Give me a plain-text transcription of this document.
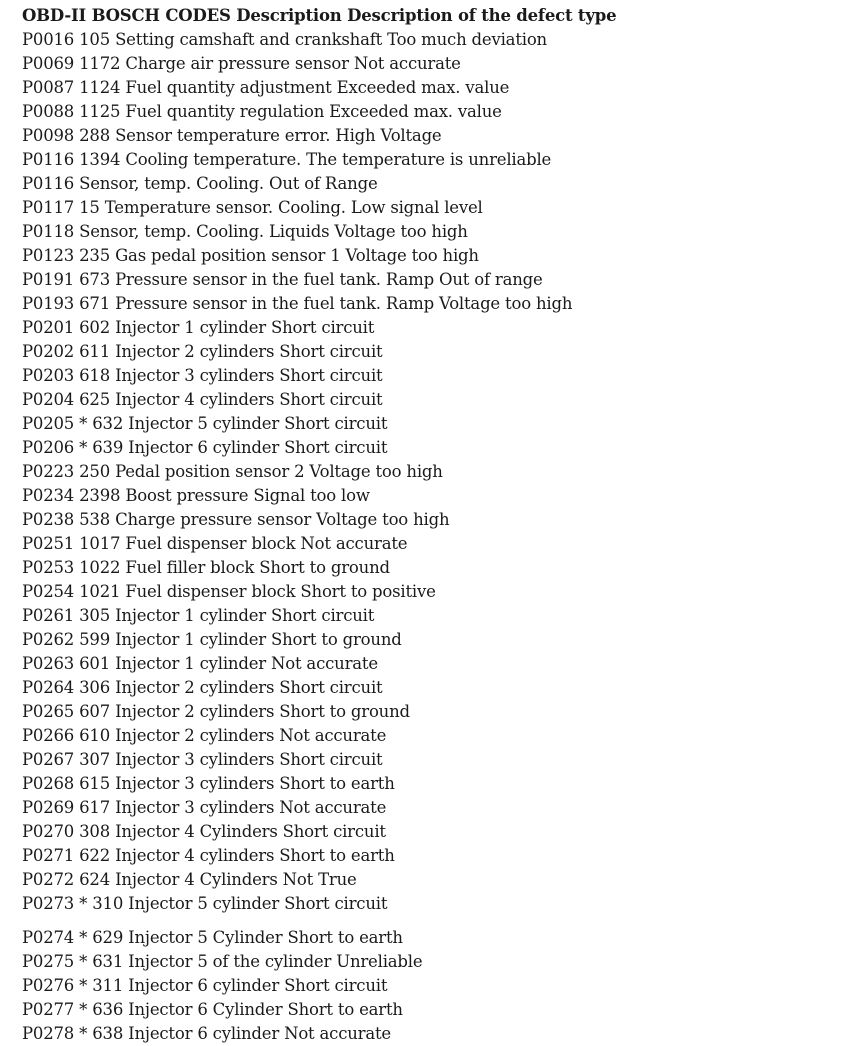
OBD-II BOSCH CODES Description Description of the defect type
P0016 105 Setting camshaft and crankshaft Too much deviation
P0069 1172 Charge air pressure sensor Not accurate
P0087 1124 Fuel quantity adjustment Exceeded max. value
P0088 1125 Fuel quantity regulation Exceeded max. value
P0098 288 Sensor temperature error. High Voltage
P0116 1394 Cooling temperature. The temperature is unreliable
P0116 Sensor, temp. Cooling. Out of Range
P0117 15 Temperature sensor. Cooling. Low signal level
P0118 Sensor, temp. Cooling. Liquids Voltage too high
P0123 235 Gas pedal position sensor 1 Voltage too high
P0191 673 Pressure sensor in the fuel tank. Ramp Out of range
P0193 671 Pressure sensor in the fuel tank. Ramp Voltage too high
P0201 602 Injector 1 cylinder Short circuit
P0202 611 Injector 2 cylinders Short circuit
P0203 618 Injector 3 cylinders Short circuit
P0204 625 Injector 4 cylinders Short circuit
P0205 * 632 Injector 5 cylinder Short circuit
P0206 * 639 Injector 6 cylinder Short circuit
P0223 250 Pedal position sensor 2 Voltage too high
P0234 2398 Boost pressure Signal too low
P0238 538 Charge pressure sensor Voltage too high
P0251 1017 Fuel dispenser block Not accurate
P0253 1022 Fuel filler block Short to ground
P0254 1021 Fuel dispenser block Short to positive
P0261 305 Injector 1 cylinder Short circuit
P0262 599 Injector 1 cylinder Short to ground
P0263 601 Injector 1 cylinder Not accurate
P0264 306 Injector 2 cylinders Short circuit
P0265 607 Injector 2 cylinders Short to ground
P0266 610 Injector 2 cylinders Not accurate
P0267 307 Injector 3 cylinders Short circuit
P0268 615 Injector 3 cylinders Short to earth
P0269 617 Injector 3 cylinders Not accurate
P0270 308 Injector 4 Cylinders Short circuit
P0271 622 Injector 4 cylinders Short to earth
P0272 624 Injector 4 Cylinders Not True
P0273 * 310 Injector 5 cylinder Short circuit
P0274 * 629 Injector 5 Cylinder Short to earth
P0275 * 631 Injector 5 of the cylinder Unreliable
P0276 * 311 Injector 6 cylinder Short circuit
P0277 * 636 Injector 6 Cylinder Short to earth
P0278 * 638 Injector 6 cylinder Not accurate
